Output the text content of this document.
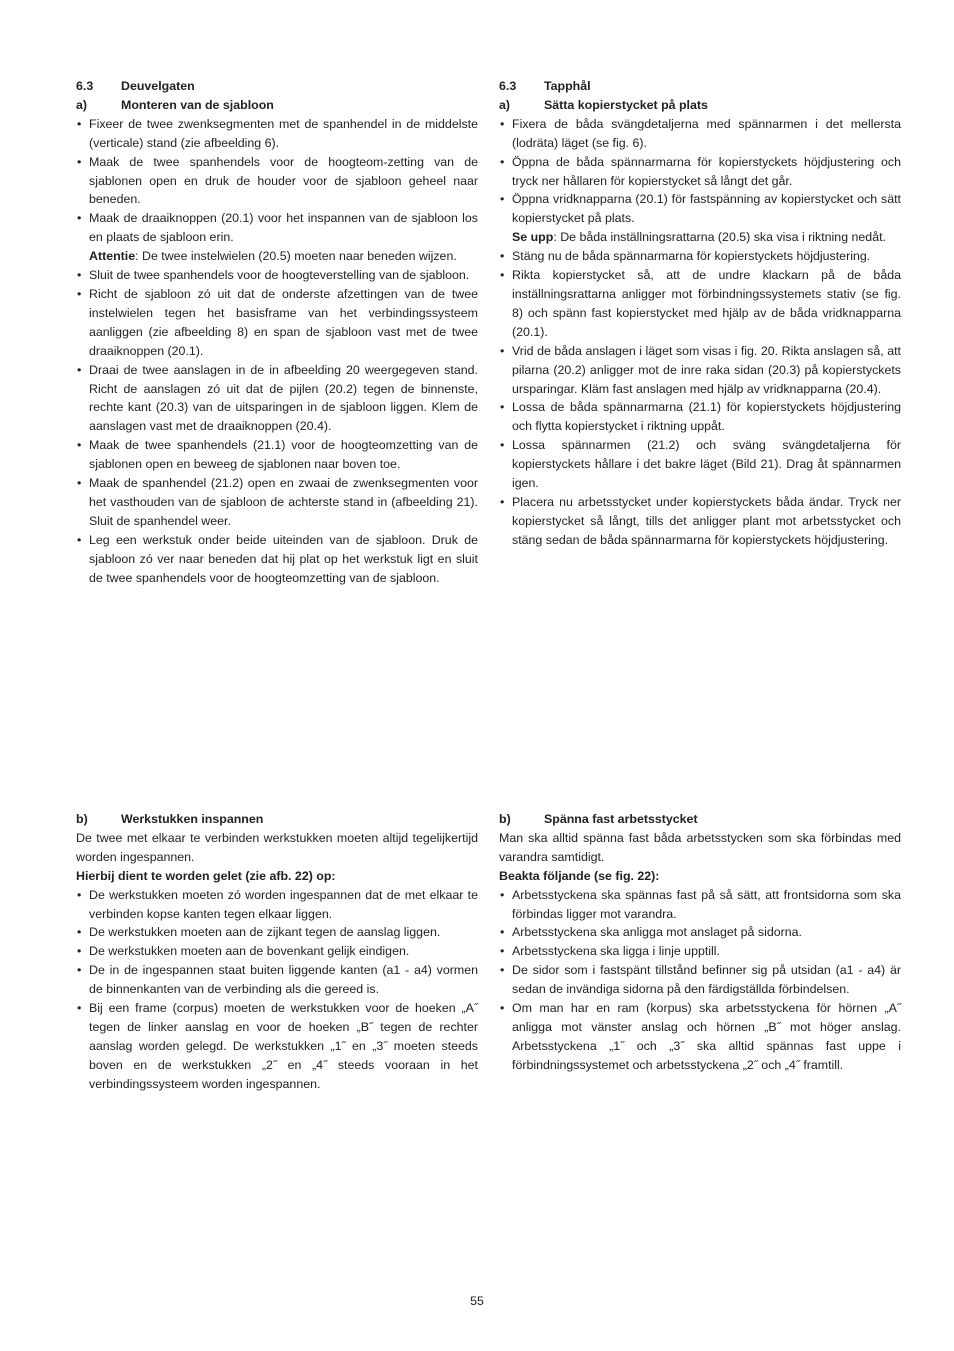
6.3	Deuvelgaten
a)	Monteren van de sjabloon
• Fixeer de twee zwenksegmenten met de spanhendel in de middelste (verticale) stand (zie afbeelding 6).
• Maak de twee spanhendels voor de hoogteom-zetting van de sjablonen open en druk de houder voor de sjabloon geheel naar beneden.
• Maak de draaiknoppen (20.1) voor het inspannen van de sjabloon los en plaats de sjabloon erin.
Attentie: De twee instelwielen (20.5) moeten naar beneden wijzen.
• Sluit de twee spanhendels voor de hoogteverstelling van de sjabloon.
• Richt de sjabloon zó uit dat de onderste afzettingen van de twee instelwielen tegen het basisframe van het verbindingssysteem aanliggen (zie afbeelding 8) en span de sjabloon vast met de twee draaiknoppen (20.1).
• Draai de twee aanslagen in de in afbeelding 20 weergegeven stand. Richt de aanslagen zó uit dat de pijlen (20.2) tegen de binnenste, rechte kant (20.3) van de uitsparingen in de sjabloon liggen. Klem de aanslagen vast met de draaiknoppen (20.4).
• Maak de twee spanhendels (21.1) voor de hoogteomzetting van de sjablonen open en beweeg de sjablonen naar boven toe.
• Maak de spanhendel (21.2) open en zwaai de zwenksegmenten voor het vasthouden van de sjabloon de achterste stand in (afbeelding 21). Sluit de spanhendel weer.
• Leg een werkstuk onder beide uiteinden van de sjabloon. Druk de sjabloon zó ver naar beneden dat hij plat op het werkstuk ligt en sluit de twee spanhendels voor de hoogteomzetting van de sjabloon.
6.3	Tapphål
a)	Sätta kopierstycket på plats
• Fixera de båda svängdetaljerna med spännarmen i det mellersta (lodräta) läget (se fig. 6).
• Öppna de båda spännarmarna för kopierstyckets höjdjustering och tryck ner hållaren för kopierstycket så långt det går.
• Öppna vridknapparna (20.1) för fastspänning av kopierstycket och sätt kopierstycket på plats.
Se upp: De båda inställningsrattarna (20.5) ska visa i riktning nedåt.
• Stäng nu de båda spännarmarna för kopierstyckets höjdjustering.
• Rikta kopierstycket så, att de undre klackarn på de båda inställningsrattarna anligger mot förbindningssystemets stativ (se fig. 8) och spänn fast kopierstycket med hjälp av de båda vridknapparna (20.1).
• Vrid de båda anslagen i läget som visas i fig. 20. Rikta anslagen så, att pilarna (20.2) anligger mot de inre raka sidan (20.3) på kopierstyckets ursparingar. Kläm fast anslagen med hjälp av vridknapparna (20.4).
• Lossa de båda spännarmarna (21.1) för kopierstyckets höjdjustering och flytta kopierstycket i riktning uppåt.
• Lossa spännarmen (21.2) och sväng svängdetaljerna för kopierstyckets hållare i det bakre läget (Bild 21). Drag åt spännarmen igen.
• Placera nu arbetsstycket under kopierstyckets båda ändar. Tryck ner kopierstycket så långt, tills det anligger plant mot arbetsstycket och stäng sedan de båda spännarmarna för kopierstyckets höjdjustering.
b)	Werkstukken inspannen

De twee met elkaar te verbinden werkstukken moeten altijd tegelijkertijd worden ingespannen.

Hierbij dient te worden gelet (zie afb. 22) op:

• De werkstukken moeten zó worden ingespannen dat de met elkaar te verbinden kopse kanten tegen elkaar liggen.
• De werkstukken moeten aan de zijkant tegen de aanslag liggen.
• De werkstukken moeten aan de bovenkant gelijk eindigen.
• De in de ingespannen staat buiten liggende kanten (a1 - a4) vormen de binnenkanten van de verbinding als die gereed is.
• Bij een frame (corpus) moeten de werkstukken voor de hoeken „A˝ tegen de linker aanslag en voor de hoeken „B˝ tegen de rechter aanslag worden gelegd. De werkstukken „1˝ en „3˝ moeten steeds boven en de werkstukken „2˝ en „4˝ steeds vooraan in het verbindingssysteem worden ingespannen.
b)	Spänna fast arbetsstycket

Man ska alltid spänna fast båda arbetsstycken som ska förbindas med varandra samtidigt.

Beakta följande (se fig. 22):

• Arbetsstyckena ska spännas fast på så sätt, att frontsidorna som ska förbindas ligger mot varandra.
• Arbetsstyckena ska anligga mot anslaget på sidorna.
• Arbetsstyckena ska ligga i linje upptill.
• De sidor som i fastspänt tillstånd befinner sig på utsidan (a1 - a4) är sedan de invändiga sidorna på den färdigställda förbindelsen.
• Om man har en ram (korpus) ska arbetsstyckena för hörnen „A˝ anligga mot vänster anslag och hörnen „B˝ mot höger anslag. Arbetsstyckena „1˝ och „3˝ ska alltid spännas fast uppe i förbindningssystemet och arbetsstyckena „2˝ och „4˝ framtill.
55
